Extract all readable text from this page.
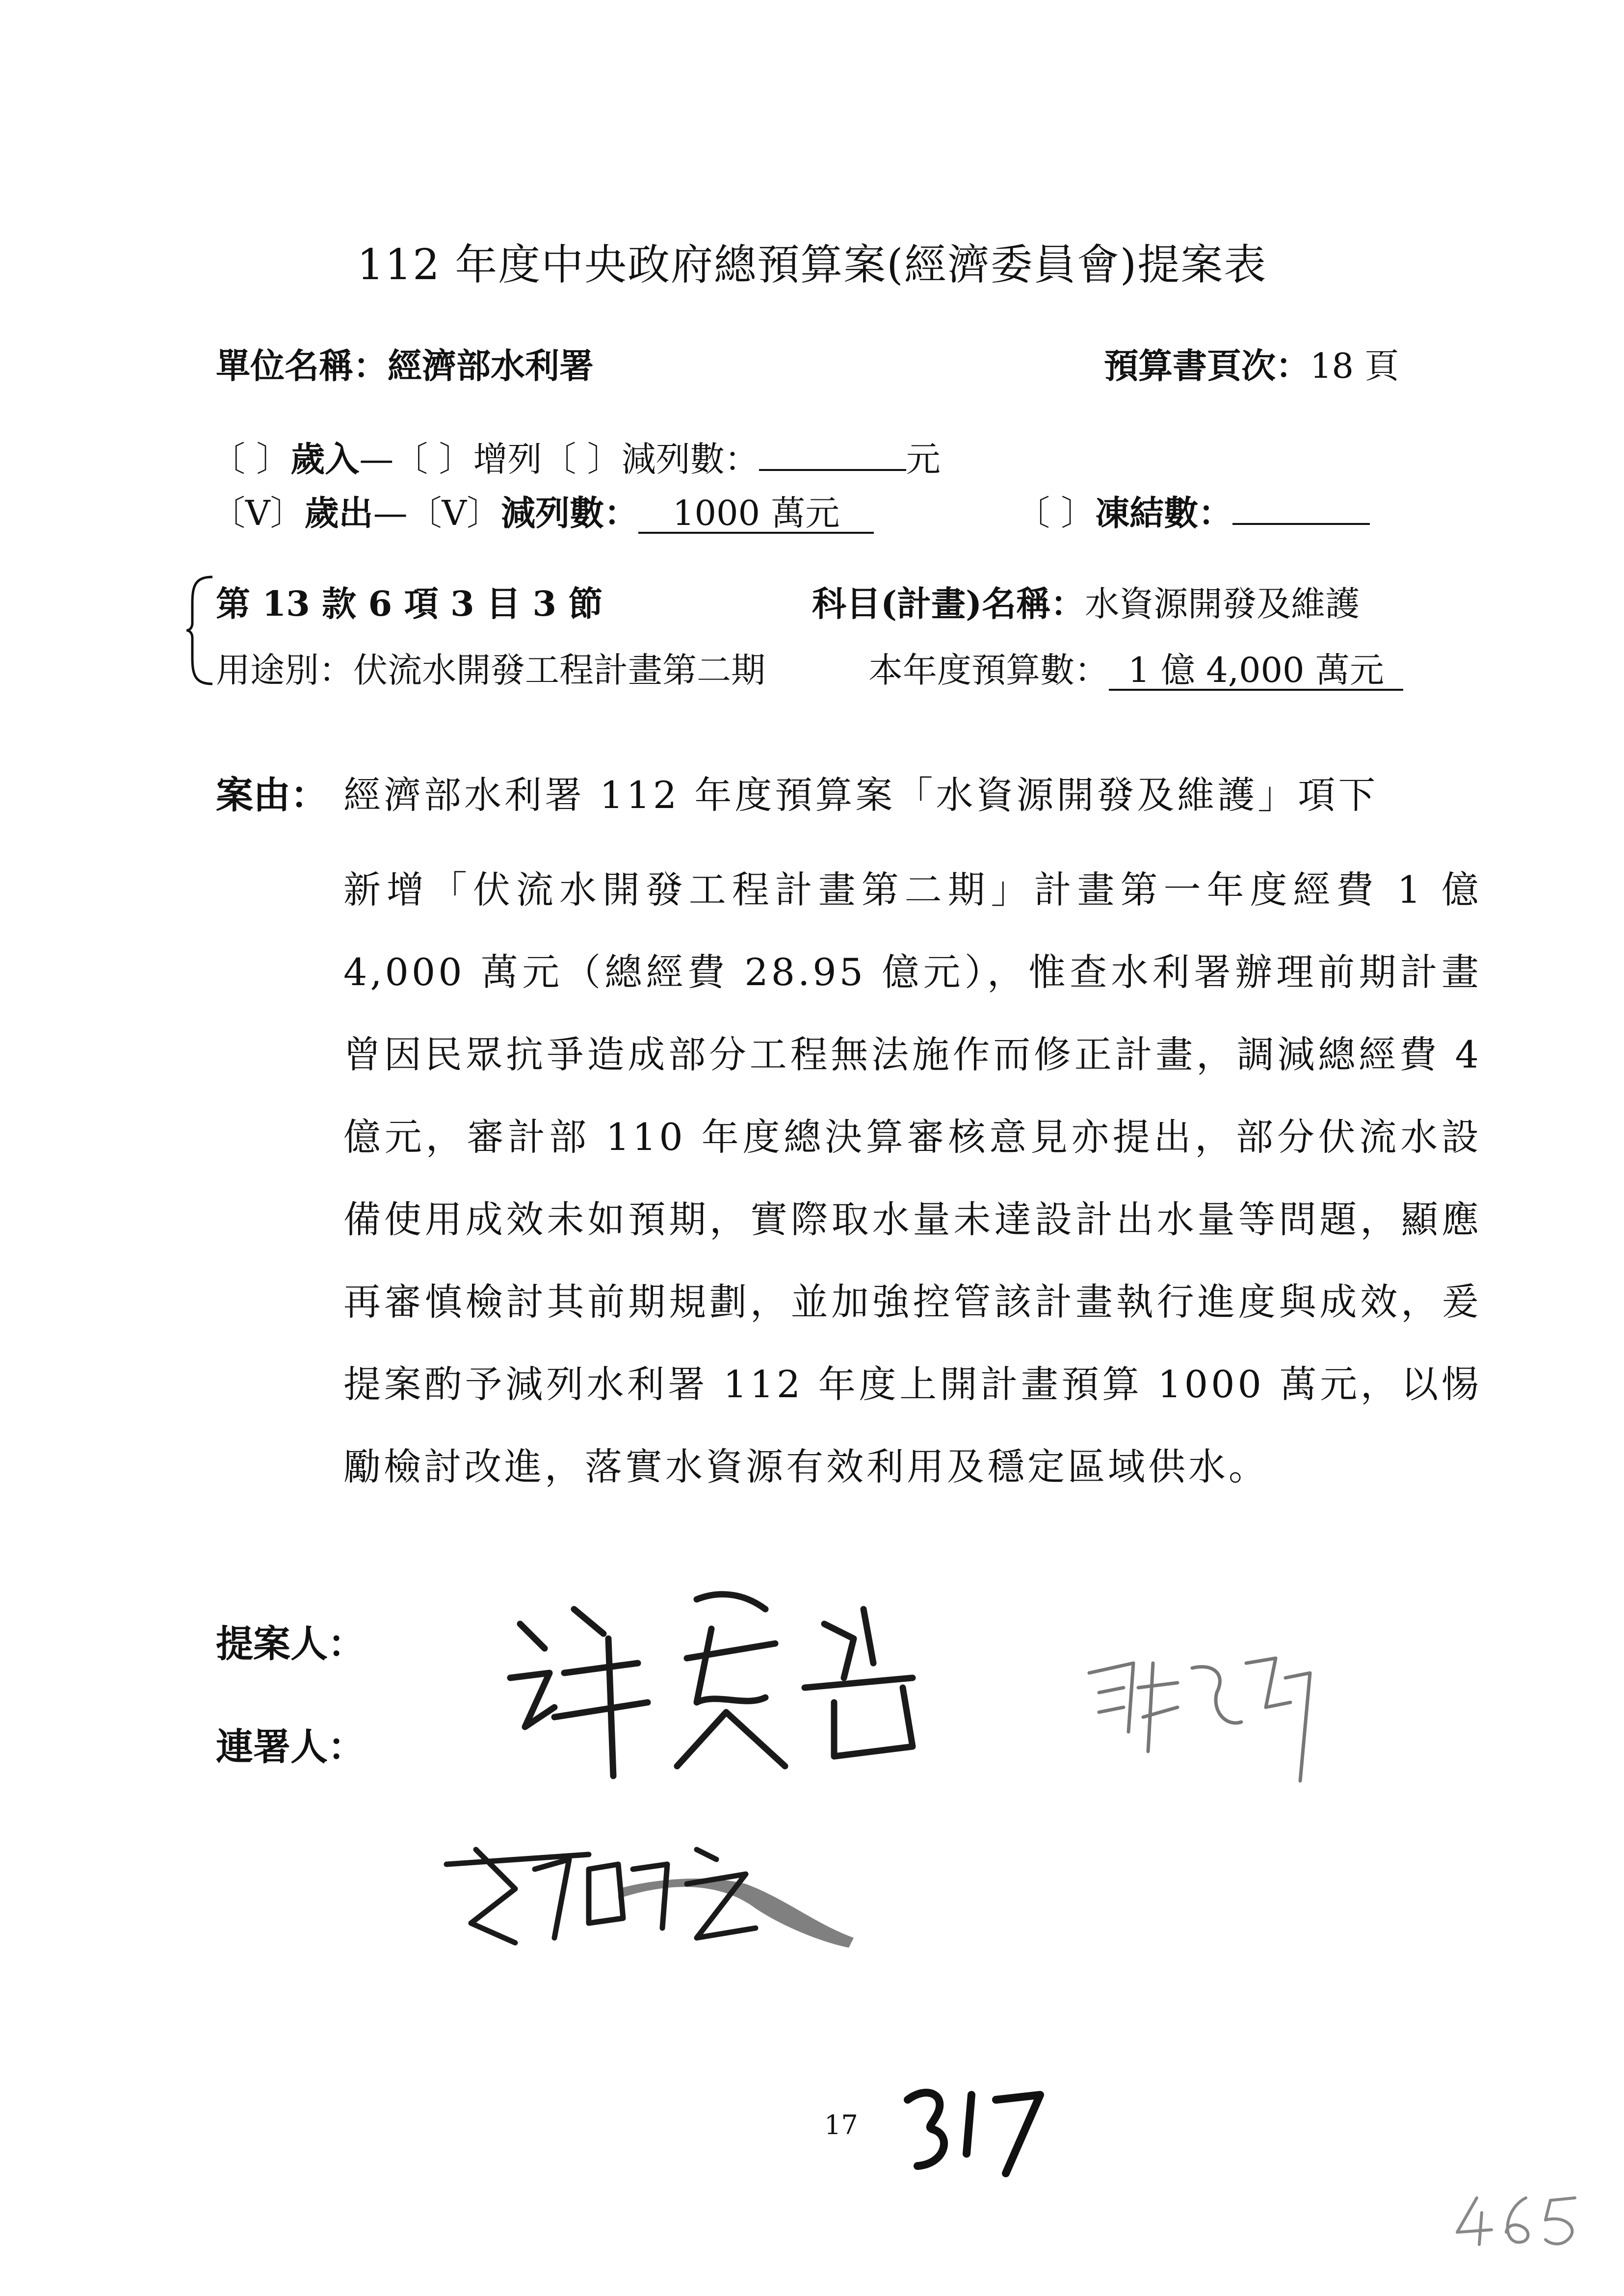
112 年度中央政府總預算案(經濟委員會)提案表
單位名稱：經濟部水利署	預算書頁次：18 頁
〔 〕歲入—〔 〕增列〔 〕減列數：	元
〔V〕歲出—〔V〕減列數： 1000 萬元	〔 〕凍結數：
第 13 款 6 項 3 目 3 節	科目(計畫)名稱：水資源開發及維護
用途別：伏流水開發工程計畫第二期	本年度預算數： 1 億 4,000 萬元
案由： 經濟部水利署 112 年度預算案「水資源開發及維護」項下
新增「伏流水開發工程計畫第二期」計畫第一年度經費 1 億 4,000 萬元（總經費 28.95 億元），惟查水利署辦理前期計畫曾因民眾抗爭造成部分工程無法施作而修正計畫，調減總經費 4 億元，審計部 110 年度總決算審核意見亦提出，部分伏流水設備使用成效未如預期，實際取水量未達設計出水量等問題，顯應再審慎檢討其前期規劃，並加強控管該計畫執行進度與成效，爰提案酌予減列水利署 112 年度上開計畫預算 1000 萬元，以惕勵檢討改進，落實水資源有效利用及穩定區域供水。
提案人：
連署人：
17
